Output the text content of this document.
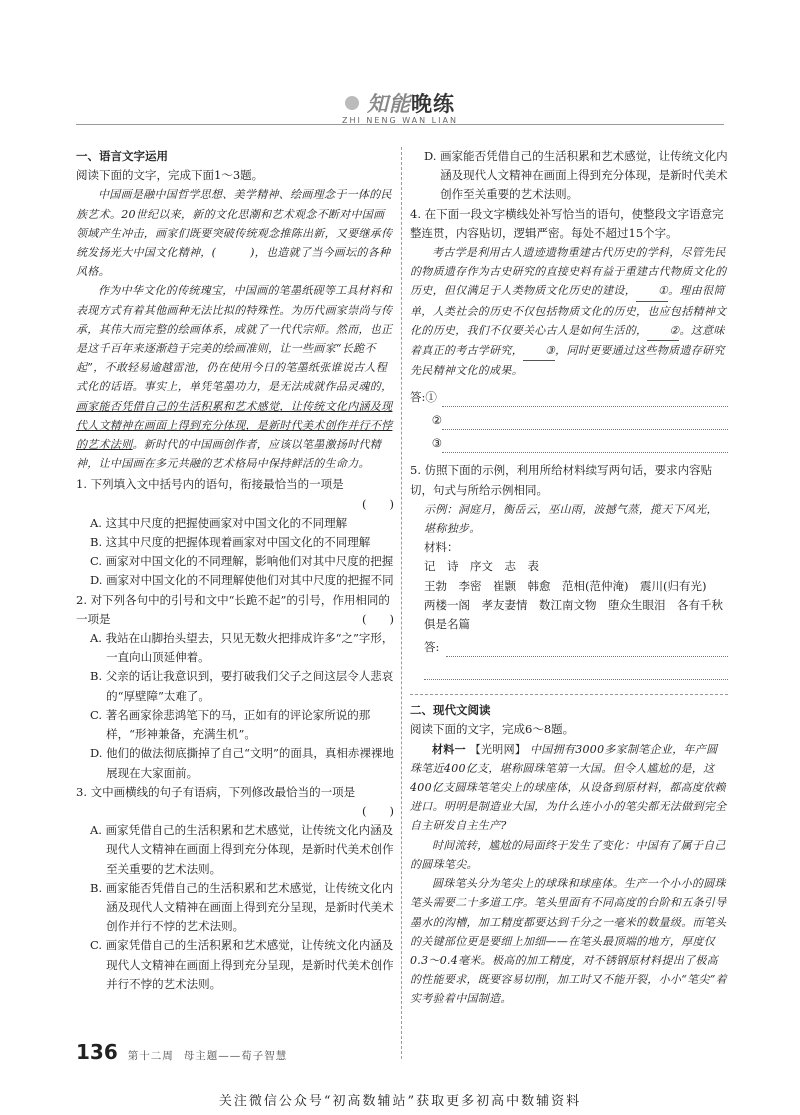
知能晚练
ZHI NENG WAN LIAN
一、语言文字运用

阅读下面的文字，完成下面1～3题。

中国画是融中国哲学思想、美学精神、绘画理念于一体的民族艺术。20世纪以来，新的文化思潮和艺术观念不断对中国画领域产生冲击，画家们既要突破传统观念推陈出新，又要继承传统发扬光大中国文化精神，(　　　)，也造就了当今画坛的各种风格。

作为中华文化的传统瑰宝，中国画的笔墨纸砚等工具材料和表现方式有着其他画种无法比拟的特殊性。为历代画家崇尚与传承，其伟大而完整的绘画体系，成就了一代代宗师。然而，也正是这千百年来逐渐趋于完美的绘画准则，让一些画家“长跪不起”，不敢轻易逾越雷池，仍在使用今日的笔墨纸张谁说古人程式化的话语。事实上，单凭笔墨功力，是无法成就作品灵魂的，画家能否凭借自己的生活积累和艺术感觉，让传统文化内涵及现代人文精神在画面上得到充分体现，是新时代美术创作并行不悖的艺术法则。新时代的中国画创作者，应该以笔墨激扬时代精神，让中国画在多元共融的艺术格局中保持鲜活的生命力。

1. 下列填入文中括号内的语句，衔接最恰当的一项是

(　　)

A. 这其中尺度的把握使画家对中国文化的不同理解

B. 这其中尺度的把握体现着画家对中国文化的不同理解

C. 画家对中国文化的不同理解，影响他们对其中尺度的把握

D. 画家对中国文化的不同理解使他们对其中尺度的把握不同

2. 对下列各句中的引号和文中“长跪不起”的引号，作用相同的一项是	(　　)

A. 我站在山脚抬头望去，只见无数火把排成许多“之”字形，一直向山顶延伸着。

B. 父亲的话让我意识到，要打破我们父子之间这层令人悲哀的“厚壁障”太难了。

C. 著名画家徐悲鸿笔下的马，正如有的评论家所说的那样，“形神兼备，充满生机”。

D. 他们的做法彻底撕掉了自己“文明”的面具，真相赤裸裸地展现在大家面前。

3. 文中画横线的句子有语病，下列修改最恰当的一项是

(　　)

A. 画家凭借自己的生活积累和艺术感觉，让传统文化内涵及现代人文精神在画面上得到充分体现，是新时代美术创作至关重要的艺术法则。

B. 画家能否凭借自己的生活积累和艺术感觉，让传统文化内涵及现代人文精神在画面上得到充分呈现，是新时代美术创作并行不悖的艺术法则。

C. 画家凭借自己的生活积累和艺术感觉，让传统文化内涵及现代人文精神在画面上得到充分呈现，是新时代美术创作并行不悖的艺术法则。

D. 画家能否凭借自己的生活积累和艺术感觉，让传统文化内涵及现代人文精神在画面上得到充分体现，是新时代美术创作至关重要的艺术法则。

4. 在下面一段文字横线处补写恰当的语句，使整段文字语意完整连贯，内容贴切，逻辑严密。每处不超过15个字。

考古学是利用古人遗迹遗物重建古代历史的学科，尽管先民的物质遗存作为古史研究的直接史料有益于重建古代物质文化的历史，但仅满足于人类物质文化历史的建设， ①。理由很简单，人类社会的历史不仅包括物质文化的历史，也应包括精神文化的历史，我们不仅要关心古人是如何生活的， ②。这意味着真正的考古学研究， ③，同时更要通过这些物质遗存研究先民精神文化的成果。

答:①
②
③

5. 仿照下面的示例，利用所给材料续写两句话，要求内容贴切，句式与所给示例相同。

示例：洞庭月，衡岳云，巫山雨，波撼气蒸，揽天下风光，堪称独步。

材料：

记　诗　序文　志　表

王勃　李密　崔颢　韩愈　范相(范仲淹)　震川(归有光)

两楼一阁　孝友妻情　数江南文物　堕众生眼泪　各有千秋　俱是名篇

答:
二、现代文阅读

阅读下面的文字，完成6～8题。

材料一 【光明网】 中国拥有3000多家制笔企业，年产圆珠笔近400亿支，堪称圆珠笔第一大国。但令人尴尬的是，这400亿支圆珠笔笔尖上的球座体，从设备到原材料，都高度依赖进口。明明是制造业大国，为什么连小小的笔尖都无法做到完全自主研发自主生产?

时间流转，尴尬的局面终于发生了变化：中国有了属于自己的圆珠笔尖。

圆珠笔头分为笔尖上的球珠和球座体。生产一个小小的圆珠笔头需要二十多道工序。笔头里面有不同高度的台阶和五条引导墨水的沟槽，加工精度都要达到千分之一毫米的数量级。而笔头的关键部位更是要细上加细——在笔头最顶端的地方，厚度仅0.3～0.4毫米。极高的加工精度，对不锈钢原材料提出了极高的性能要求，既要容易切削，加工时又不能开裂，小小“笔尖”着实考验着中国制造。

136 第十二周 母主题——荀子智慧
关注微信公众号“初高数辅站”获取更多初高中数辅资料
